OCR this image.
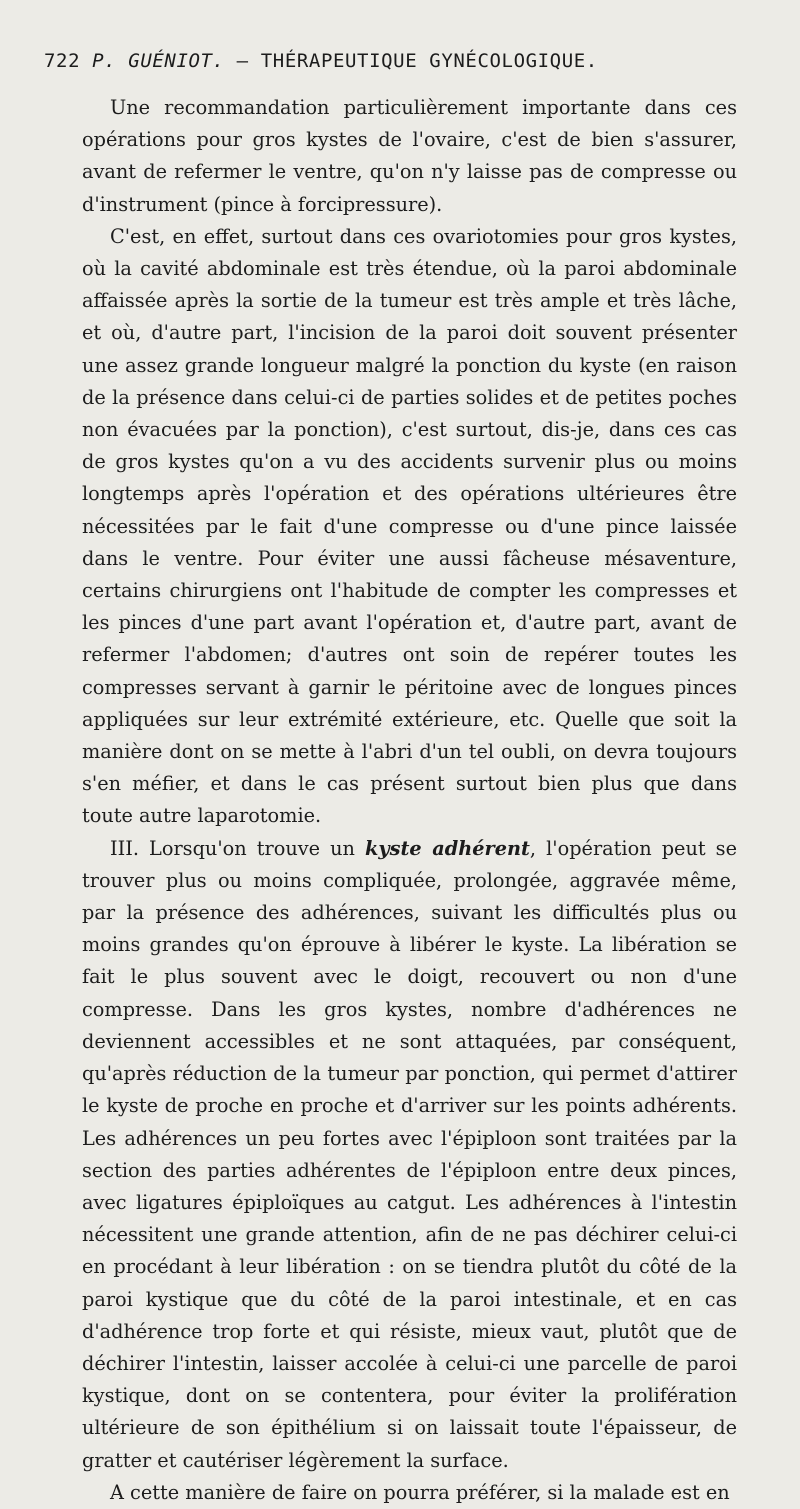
722 P. GUÉNIOT. – THÉRAPEUTIQUE GYNÉCOLOGIQUE.

Une recommandation particulièrement importante dans ces opérations pour gros kystes de l'ovaire, c'est de bien s'assurer, avant de refermer le ventre, qu'on n'y laisse pas de compresse ou d'instrument (pince à forcipressure).

C'est, en effet, surtout dans ces ovariotomies pour gros kystes, où la cavité abdominale est très étendue, où la paroi abdominale affaissée après la sortie de la tumeur est très ample et très lâche, et où, d'autre part, l'incision de la paroi doit souvent présenter une assez grande longueur malgré la ponction du kyste (en raison de la présence dans celui-ci de parties solides et de petites poches non évacuées par la ponction), c'est surtout, dis-je, dans ces cas de gros kystes qu'on a vu des accidents survenir plus ou moins longtemps après l'opération et des opérations ultérieures être nécessitées par le fait d'une compresse ou d'une pince laissée dans le ventre. Pour éviter une aussi fâcheuse mésaventure, certains chirurgiens ont l'habitude de compter les compresses et les pinces d'une part avant l'opération et, d'autre part, avant de refermer l'abdomen; d'autres ont soin de repérer toutes les compresses servant à garnir le péritoine avec de longues pinces appliquées sur leur extrémité extérieure, etc. Quelle que soit la manière dont on se mette à l'abri d'un tel oubli, on devra toujours s'en méfier, et dans le cas présent surtout bien plus que dans toute autre laparotomie.

III. Lorsqu'on trouve un kyste adhérent, l'opération peut se trouver plus ou moins compliquée, prolongée, aggravée même, par la présence des adhérences, suivant les difficultés plus ou moins grandes qu'on éprouve à libérer le kyste. La libération se fait le plus souvent avec le doigt, recouvert ou non d'une compresse. Dans les gros kystes, nombre d'adhérences ne deviennent accessibles et ne sont attaquées, par conséquent, qu'après réduction de la tumeur par ponction, qui permet d'attirer le kyste de proche en proche et d'arriver sur les points adhérents. Les adhérences un peu fortes avec l'épiploon sont traitées par la section des parties adhérentes de l'épiploon entre deux pinces, avec ligatures épiploïques au catgut. Les adhérences à l'intestin nécessitent une grande attention, afin de ne pas déchirer celui-ci en procédant à leur libération : on se tiendra plutôt du côté de la paroi kystique que du côté de la paroi intestinale, et en cas d'adhérence trop forte et qui résiste, mieux vaut, plutôt que de déchirer l'intestin, laisser accolée à celui-ci une parcelle de paroi kystique, dont on se contentera, pour éviter la prolifération ultérieure de son épithélium si on laissait toute l'épaisseur, de gratter et cautériser légèrement la surface.

A cette manière de faire on pourra préférer, si la malade est en
